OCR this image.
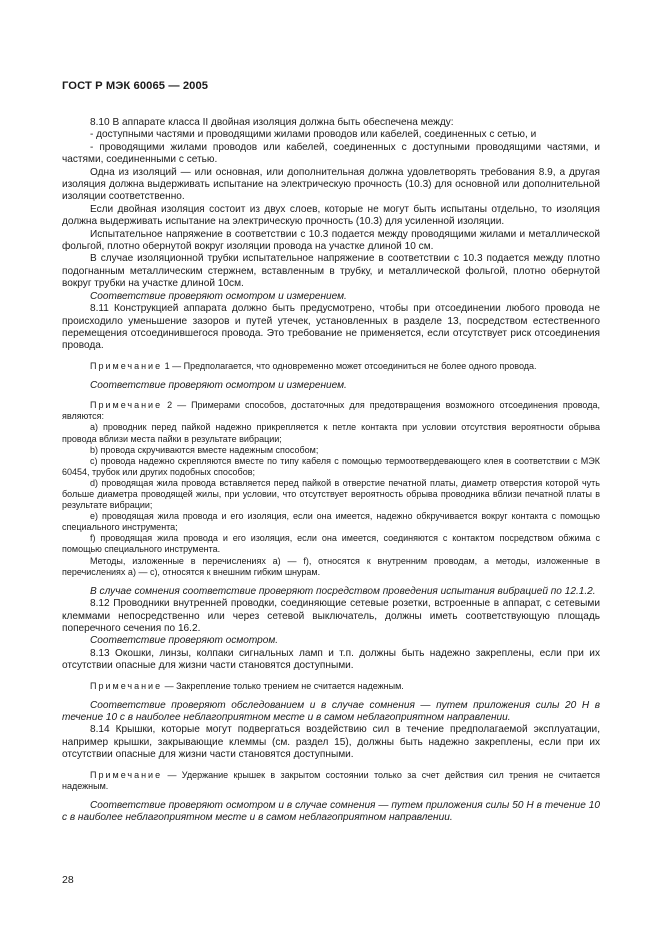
ГОСТ Р МЭК 60065 — 2005

8.10 В аппарате класса II двойная изоляция должна быть обеспечена между:

- доступными частями и проводящими жилами проводов или кабелей, соединенных с сетью, и

- проводящими жилами проводов или кабелей, соединенных с доступными проводящими частями, и частями, соединенными с сетью.

Одна из изоляций — или основная, или дополнительная должна удовлетворять требования 8.9, а другая изоляция должна выдерживать испытание на электрическую прочность (10.3) для основной или дополнительной изоляции соответственно.

Если двойная изоляция состоит из двух слоев, которые не могут быть испытаны отдельно, то изоляция должна выдерживать испытание на электрическую прочность (10.3) для усиленной изоляции.

Испытательное напряжение в соответствии с 10.3 подается между проводящими жилами и металлической фольгой, плотно обернутой вокруг изоляции провода на участке длиной 10 см.

В случае изоляционной трубки испытательное напряжение в соответствии с 10.3 подается между плотно подогнанным металлическим стержнем, вставленным в трубку, и металлической фольгой, плотно обернутой вокруг трубки на участке длиной 10см.

Соответствие проверяют осмотром и измерением.

8.11 Конструкцией аппарата должно быть предусмотрено, чтобы при отсоединении любого провода не происходило уменьшение зазоров и путей утечек, установленных в разделе 13, посредством естественного перемещения отсоединившегося провода. Это требование не применяется, если отсутствует риск отсоединения провода.

Примечание 1 — Предполагается, что одновременно может отсоединиться не более одного провода.

Соответствие проверяют осмотром и измерением.

Примечание 2 — Примерами способов, достаточных для предотвращения возможного отсоединения провода, являются:

а) проводник перед пайкой надежно прикрепляется к петле контакта при условии отсутствия вероятности обрыва провода вблизи места пайки в результате вибрации;

b) провода скручиваются вместе надежным способом;

c) провода надежно скрепляются вместе по типу кабеля с помощью термоотвердевающего клея в соответствии с МЭК 60454, трубок или других подобных способов;

d) проводящая жила провода вставляется перед пайкой в отверстие печатной платы, диаметр отверстия которой чуть больше диаметра проводящей жилы, при условии, что отсутствует вероятность обрыва проводника вблизи печатной платы в результате вибрации;

е) проводящая жила провода и его изоляция, если она имеется, надежно обкручивается вокруг контакта с помощью специального инструмента;

f) проводящая жила провода и его изоляция, если она имеется, соединяются с контактом посредством обжима с помощью специального инструмента.

Методы, изложенные в перечислениях а) — f), относятся к внутренним проводам, а методы, изложенные в перечислениях а) — с), относятся к внешним гибким шнурам.

В случае сомнения соответствие проверяют посредством проведения испытания вибрацией по 12.1.2.

8.12 Проводники внутренней проводки, соединяющие сетевые розетки, встроенные в аппарат, с сетевыми клеммами непосредственно или через сетевой выключатель, должны иметь соответствующую площадь поперечного сечения по 16.2.

Соответствие проверяют осмотром.

8.13 Окошки, линзы, колпаки сигнальных ламп и т.п. должны быть надежно закреплены, если при их отсутствии опасные для жизни части становятся доступными.

Примечание — Закрепление только трением не считается надежным.

Соответствие проверяют обследованием и в случае сомнения — путем приложения силы 20 Н в течение 10 с в наиболее неблагоприятном месте и в самом неблагоприятном направлении.

8.14 Крышки, которые могут подвергаться воздействию сил в течение предполагаемой эксплуатации, например крышки, закрывающие клеммы (см. раздел 15), должны быть надежно закреплены, если при их отсутствии опасные для жизни части становятся доступными.

Примечание — Удержание крышек в закрытом состоянии только за счет действия сил трения не считается надежным.

Соответствие проверяют осмотром и в случае сомнения — путем приложения силы 50 Н в течение 10 с в наиболее неблагоприятном месте и в самом неблагоприятном направлении.

28
